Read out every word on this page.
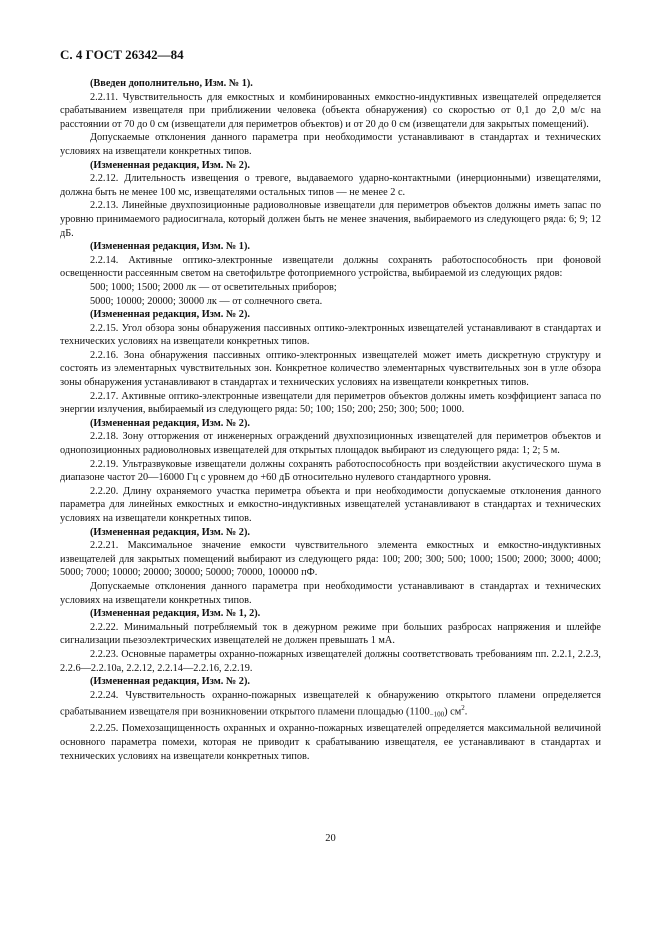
С. 4 ГОСТ 26342—84

(Введен дополнительно, Изм. № 1).

2.2.11. Чувствительность для емкостных и комбинированных емкостно-индуктивных извещателей определяется срабатыванием извещателя при приближении человека (объекта обнаружения) со скоростью от 0,1 до 2,0 м/с на расстоянии от 70 до 0 см (извещатели для периметров объектов) и от 20 до 0 см (извещатели для закрытых помещений).

Допускаемые отклонения данного параметра при необходимости устанавливают в стандартах и технических условиях на извещатели конкретных типов.

(Измененная редакция, Изм. № 2).

2.2.12. Длительность извещения о тревоге, выдаваемого ударно-контактными (инерционными) извещателями, должна быть не менее 100 мс, извещателями остальных типов — не менее 2 с.

2.2.13. Линейные двухпозиционные радиоволновые извещатели для периметров объектов должны иметь запас по уровню принимаемого радиосигнала, который должен быть не менее значения, выбираемого из следующего ряда: 6; 9; 12 дБ.

(Измененная редакция, Изм. № 1).

2.2.14. Активные оптико-электронные извещатели должны сохранять работоспособность при фоновой освещенности рассеянным светом на светофильтре фотоприемного устройства, выбираемой из следующих рядов:

500; 1000; 1500; 2000 лк — от осветительных приборов;

5000; 10000; 20000; 30000 лк — от солнечного света.

(Измененная редакция, Изм. № 2).

2.2.15. Угол обзора зоны обнаружения пассивных оптико-электронных извещателей устанавливают в стандартах и технических условиях на извещатели конкретных типов.

2.2.16. Зона обнаружения пассивных оптико-электронных извещателей может иметь дискретную структуру и состоять из элементарных чувствительных зон. Конкретное количество элементарных чувствительных зон в угле обзора зоны обнаружения устанавливают в стандартах и технических условиях на извещатели конкретных типов.

2.2.17. Активные оптико-электронные извещатели для периметров объектов должны иметь коэффициент запаса по энергии излучения, выбираемый из следующего ряда: 50; 100; 150; 200; 250; 300; 500; 1000.

(Измененная редакция, Изм. № 2).

2.2.18. Зону отторжения от инженерных ограждений двухпозиционных извещателей для периметров объектов и однопозиционных радиоволновых извещателей для открытых площадок выбирают из следующего ряда: 1; 2; 5 м.

2.2.19. Ультразвуковые извещатели должны сохранять работоспособность при воздействии акустического шума в диапазоне частот 20—16000 Гц с уровнем до +60 дБ относительно нулевого стандартного уровня.

2.2.20. Длину охраняемого участка периметра объекта и при необходимости допускаемые отклонения данного параметра для линейных емкостных и емкостно-индуктивных извещателей устанавливают в стандартах и технических условиях на извещатели конкретных типов.

(Измененная редакция, Изм. № 2).

2.2.21. Максимальное значение емкости чувствительного элемента емкостных и емкостно-индуктивных извещателей для закрытых помещений выбирают из следующего ряда: 100; 200; 300; 500; 1000; 1500; 2000; 3000; 4000; 5000; 7000; 10000; 20000; 30000; 50000; 70000, 100000 пФ.

Допускаемые отклонения данного параметра при необходимости устанавливают в стандартах и технических условиях на извещатели конкретных типов.

(Измененная редакция, Изм. № 1, 2).

2.2.22. Минимальный потребляемый ток в дежурном режиме при больших разбросах напряжения и шлейфе сигнализации пьезоэлектрических извещателей не должен превышать 1 мА.

2.2.23. Основные параметры охранно-пожарных извещателей должны соответствовать требованиям пп. 2.2.1, 2.2.3, 2.2.6—2.2.10а, 2.2.12, 2.2.14—2.2.16, 2.2.19.

(Измененная редакция, Изм. № 2).

2.2.24. Чувствительность охранно-пожарных извещателей к обнаружению открытого пламени определяется срабатыванием извещателя при возникновении открытого пламени площадью $(1100_{-100})$ $см^2$.

2.2.25. Помехозащищенность охранных и охранно-пожарных извещателей определяется максимальной величиной основного параметра помехи, которая не приводит к срабатыванию извещателя, ее устанавливают в стандартах и технических условиях на извещатели конкретных типов.

20
